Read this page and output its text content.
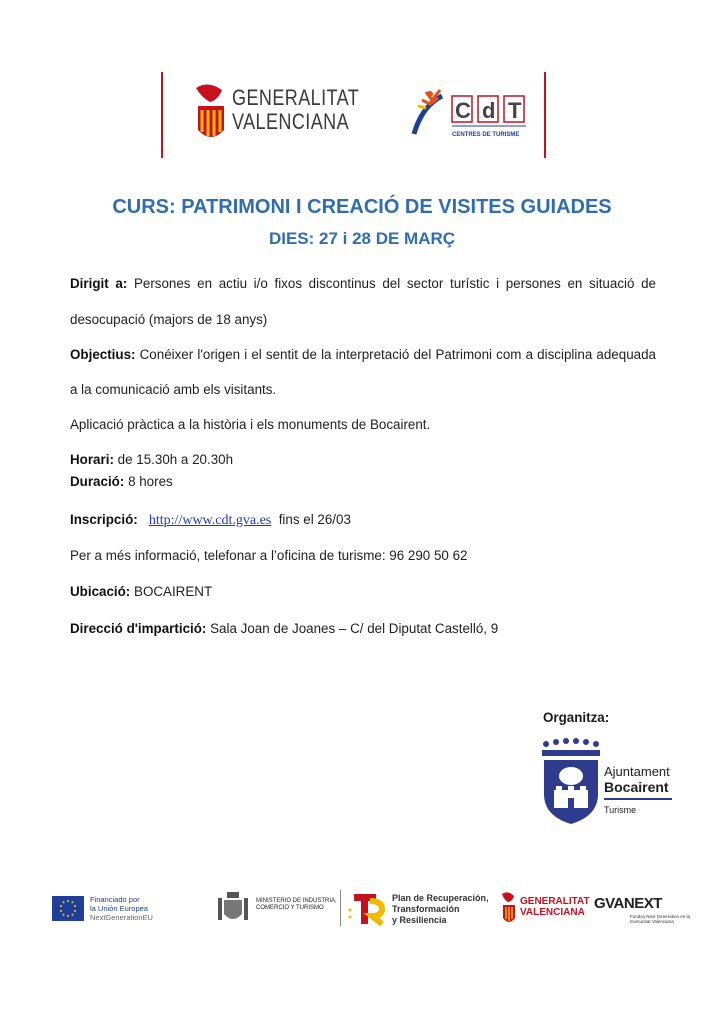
GENERALITAT
VALENCIANA	C d T
CENTRES DE TURISME
CURS: PATRIMONI I CREACIÓ DE VISITES GUIADES
DIES: 27 i 28 DE MARÇ
Dirigit a: Persones en actiu i/o fixos discontinus del sector turístic i persones en situació de
desocupació (majors de 18 anys)
Objectius: Conéixer l'origen i el sentit de la interpretació del Patrimoni com a disciplina adequada
a la comunicació amb els visitants.
Aplicació pràctica a la història i els monuments de Bocairent.
Horari: de 15.30h a 20.30h
Duració: 8 hores
Inscripció: http://www.cdt.gva.es fins el 26/03
Per a més informació, telefonar a l’oficina de turisme: 96 290 50 62
Ubicació: BOCAIRENT
Direcció d'impartició: Sala Joan de Joanes – C/ del Diputat Castelló, 9
Organitza:
Ajuntament
Bocairent
Turisme
Financiado por
la Unión Europea
NextGenerationEU
MINISTERIO DE INDUSTRIA, COMERCIO Y TURISMO
Plan de Recuperación,
Transformación
y Resiliencia
GENERALITAT
VALENCIANA
GVANEXT
Fondos Next Generation en la Comunitat Valenciana
